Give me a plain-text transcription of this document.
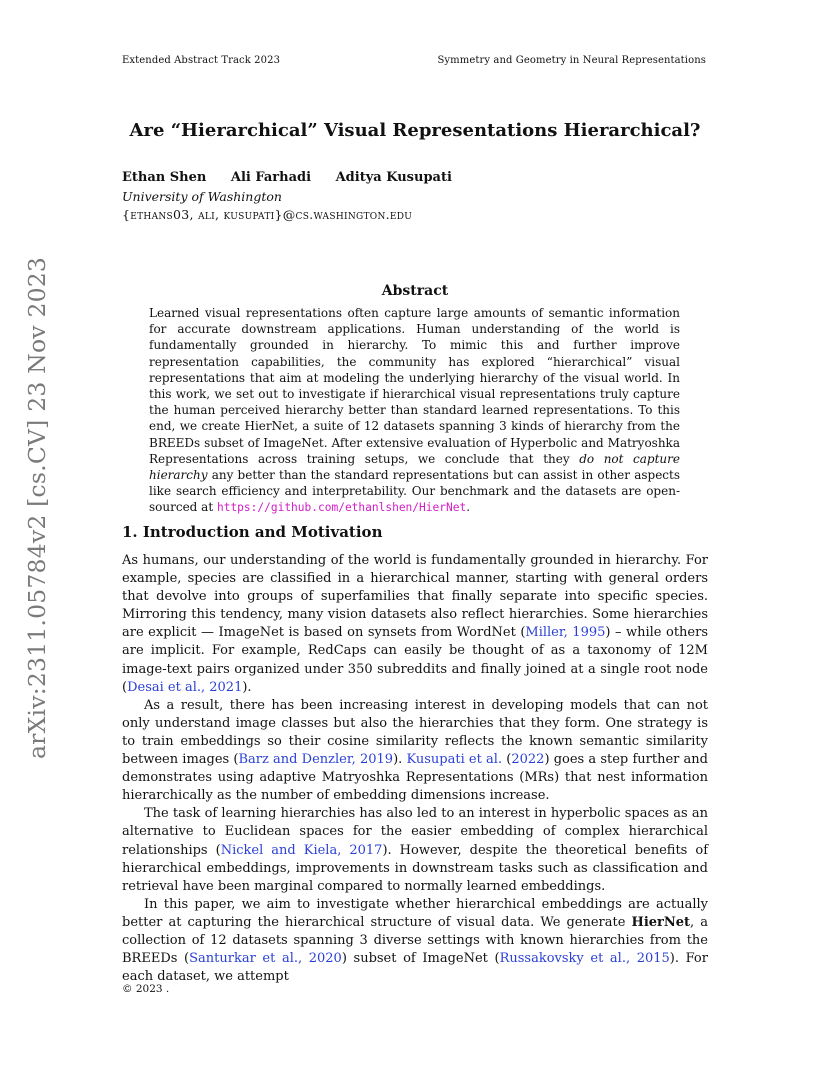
Extended Abstract Track 2023	Symmetry and Geometry in Neural Representations
arXiv:2311.05784v2 [cs.CV] 23 Nov 2023
Are “Hierarchical” Visual Representations Hierarchical?
Ethan Shen Ali Farhadi Aditya Kusupati
University of Washington
{ethans03, ali, kusupati}@cs.washington.edu
Abstract
Learned visual representations often capture large amounts of semantic information for accurate downstream applications. Human understanding of the world is fundamentally grounded in hierarchy. To mimic this and further improve representation capabilities, the community has explored “hierarchical” visual representations that aim at modeling the underlying hierarchy of the visual world. In this work, we set out to investigate if hierarchical visual representations truly capture the human perceived hierarchy better than standard learned representations. To this end, we create HierNet, a suite of 12 datasets spanning 3 kinds of hierarchy from the BREEDs subset of ImageNet. After extensive evaluation of Hyperbolic and Matryoshka Representations across training setups, we conclude that they do not capture hierarchy any better than the standard representations but can assist in other aspects like search efficiency and interpretability. Our benchmark and the datasets are open-sourced at https://github.com/ethanlshen/HierNet.
1. Introduction and Motivation

As humans, our understanding of the world is fundamentally grounded in hierarchy. For example, species are classified in a hierarchical manner, starting with general orders that devolve into groups of superfamilies that finally separate into specific species. Mirroring this tendency, many vision datasets also reflect hierarchies. Some hierarchies are explicit — ImageNet is based on synsets from WordNet (Miller, 1995) – while others are implicit. For example, RedCaps can easily be thought of as a taxonomy of 12M image-text pairs organized under 350 subreddits and finally joined at a single root node (Desai et al., 2021).

As a result, there has been increasing interest in developing models that can not only understand image classes but also the hierarchies that they form. One strategy is to train embeddings so their cosine similarity reflects the known semantic similarity between images (Barz and Denzler, 2019). Kusupati et al. (2022) goes a step further and demonstrates using adaptive Matryoshka Representations (MRs) that nest information hierarchically as the number of embedding dimensions increase.

The task of learning hierarchies has also led to an interest in hyperbolic spaces as an alternative to Euclidean spaces for the easier embedding of complex hierarchical relationships (Nickel and Kiela, 2017). However, despite the theoretical benefits of hierarchical embeddings, improvements in downstream tasks such as classification and retrieval have been marginal compared to normally learned embeddings.

In this paper, we aim to investigate whether hierarchical embeddings are actually better at capturing the hierarchical structure of visual data. We generate HierNet, a collection of 12 datasets spanning 3 diverse settings with known hierarchies from the BREEDs (Santurkar et al., 2020) subset of ImageNet (Russakovsky et al., 2015). For each dataset, we attempt

© 2023 .
